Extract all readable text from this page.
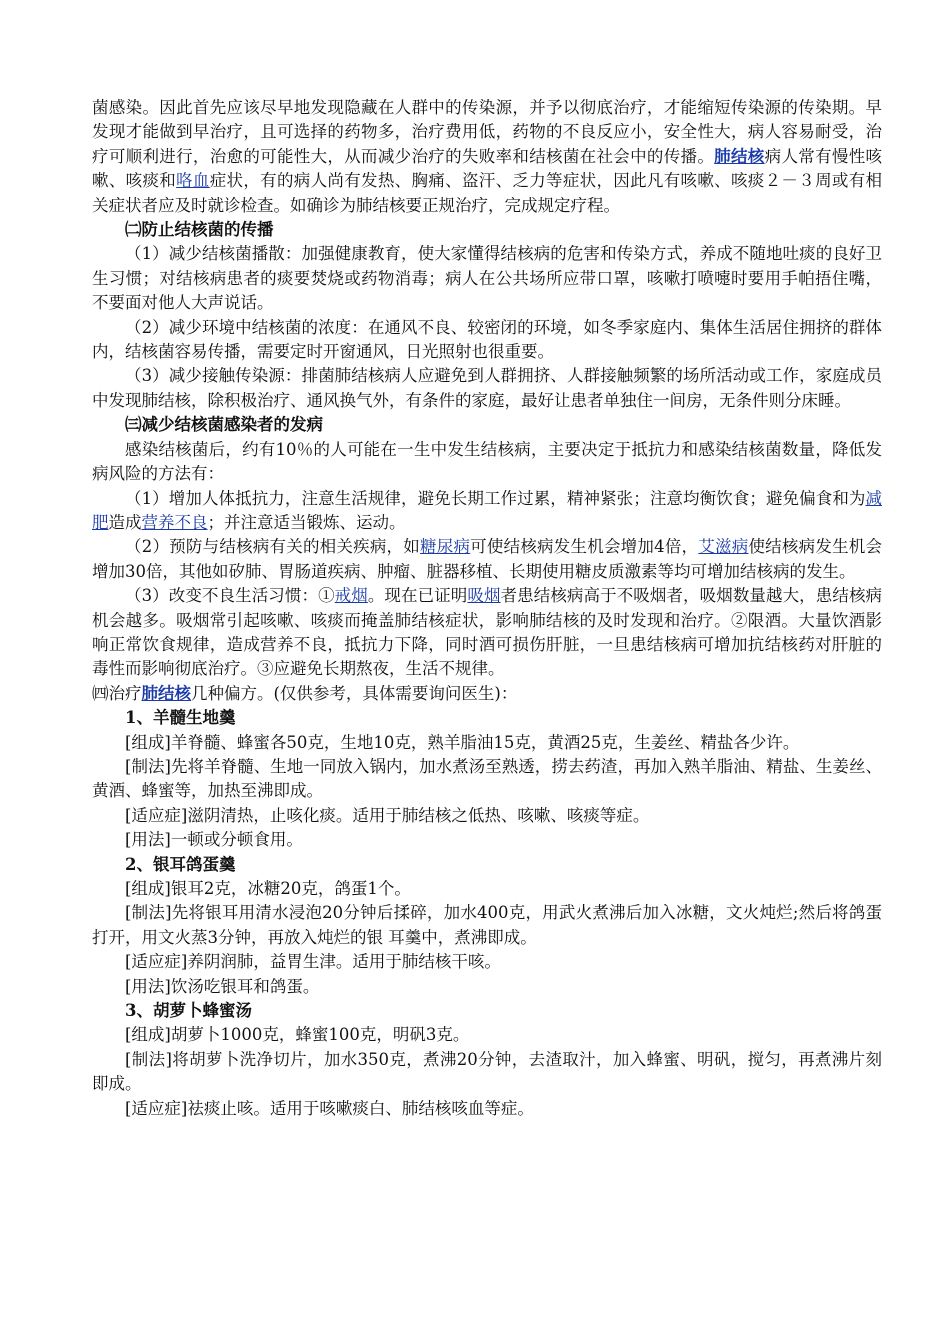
菌感染。因此首先应该尽早地发现隐藏在人群中的传染源，并予以彻底治疗，才能缩短传染源的传染期。早发现才能做到早治疗，且可选择的药物多，治疗费用低，药物的不良反应小，安全性大，病人容易耐受，治疗可顺利进行，治愈的可能性大，从而减少治疗的失败率和结核菌在社会中的传播。肺结核病人常有慢性咳嗽、咳痰和咯血症状，有的病人尚有发热、胸痛、盗汗、乏力等症状，因此凡有咳嗽、咳痰２－３周或有相关症状者应及时就诊检查。如确诊为肺结核要正规治疗，完成规定疗程。

㈡防止结核菌的传播

（1）减少结核菌播散：加强健康教育，使大家懂得结核病的危害和传染方式，养成不随地吐痰的良好卫生习惯；对结核病患者的痰要焚烧或药物消毒；病人在公共场所应带口罩，咳嗽打喷嚏时要用手帕捂住嘴，不要面对他人大声说话。

（2）减少环境中结核菌的浓度：在通风不良、较密闭的环境，如冬季家庭内、集体生活居住拥挤的群体内，结核菌容易传播，需要定时开窗通风，日光照射也很重要。

（3）减少接触传染源：排菌肺结核病人应避免到人群拥挤、人群接触频繁的场所活动或工作，家庭成员中发现肺结核，除积极治疗、通风换气外，有条件的家庭，最好让患者单独住一间房，无条件则分床睡。

㈢减少结核菌感染者的发病

感染结核菌后，约有10％的人可能在一生中发生结核病，主要决定于抵抗力和感染结核菌数量，降低发病风险的方法有：

（1）增加人体抵抗力，注意生活规律，避免长期工作过累，精神紧张；注意均衡饮食；避免偏食和为减肥造成营养不良；并注意适当锻炼、运动。

（2）预防与结核病有关的相关疾病，如糖尿病可使结核病发生机会增加4倍，艾滋病使结核病发生机会增加30倍，其他如矽肺、胃肠道疾病、肿瘤、脏器移植、长期使用糖皮质激素等均可增加结核病的发生。

（3）改变不良生活习惯：①戒烟。现在已证明吸烟者患结核病高于不吸烟者，吸烟数量越大，患结核病机会越多。吸烟常引起咳嗽、咳痰而掩盖肺结核症状，影响肺结核的及时发现和治疗。②限酒。大量饮酒影响正常饮食规律，造成营养不良，抵抗力下降，同时酒可损伤肝脏，一旦患结核病可增加抗结核药对肝脏的毒性而影响彻底治疗。③应避免长期熬夜，生活不规律。

㈣治疗肺结核几种偏方。(仅供参考，具体需要询问医生)：

1、羊髓生地羹

[组成]羊脊髓、蜂蜜各50克，生地10克，熟羊脂油15克，黄酒25克，生姜丝、精盐各少许。

[制法]先将羊脊髓、生地一同放入锅内，加水煮汤至熟透，捞去药渣，再加入熟羊脂油、精盐、生姜丝、黄酒、蜂蜜等，加热至沸即成。

[适应症]滋阴清热，止咳化痰。适用于肺结核之低热、咳嗽、咳痰等症。

[用法]一顿或分顿食用。

2、银耳鸽蛋羹

[组成]银耳2克，冰糖20克，鸽蛋1个。

[制法]先将银耳用清水浸泡20分钟后揉碎，加水400克，用武火煮沸后加入冰糖，文火炖烂;然后将鸽蛋打开，用文火蒸3分钟，再放入炖烂的银 耳羹中，煮沸即成。

[适应症]养阴润肺，益胃生津。适用于肺结核干咳。

[用法]饮汤吃银耳和鸽蛋。

3、胡萝卜蜂蜜汤

[组成]胡萝卜1000克，蜂蜜100克，明矾3克。

[制法]将胡萝卜洗净切片，加水350克，煮沸20分钟，去渣取汁，加入蜂蜜、明矾，搅匀，再煮沸片刻即成。

[适应症]祛痰止咳。适用于咳嗽痰白、肺结核咳血等症。
